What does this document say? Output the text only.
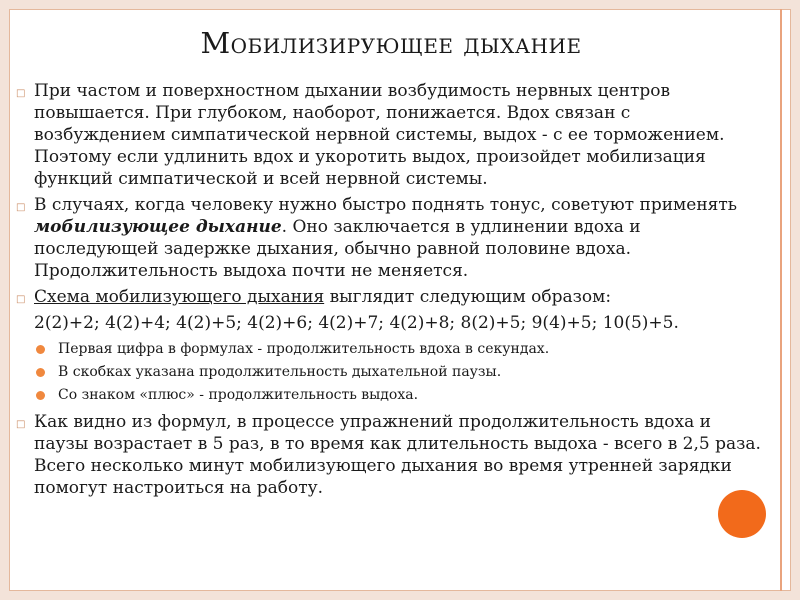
Мобилизирующее дыхание
□ При частом и поверхностном дыхании возбудимость нервных центров повышается. При глубоком, наоборот, понижается. Вдох связан с возбуждением симпатической нервной системы, выдох - с ее торможением. Поэтому если удлинить вдох и укоротить выдох, произойдет мобилизация функций симпатической и всей нервной системы.
□ В случаях, когда человеку нужно быстро поднять тонус, советуют применять мобилизующее дыхание. Оно заключается в удлинении вдоха и последующей задержке дыхания, обычно равной половине вдоха. Продолжительность выдоха почти не меняется.
□ Схема мобилизующего дыхания выглядит следующим образом:
2(2)+2; 4(2)+4; 4(2)+5; 4(2)+6; 4(2)+7; 4(2)+8; 8(2)+5; 9(4)+5; 10(5)+5.
Первая цифра в формулах - продолжительность вдоха в секундах.
В скобках указана продолжительность дыхательной паузы.
Со знаком «плюс» - продолжительность выдоха.
□ Как видно из формул, в процессе упражнений продолжительность вдоха и паузы возрастает в 5 раз, в то время как длительность выдоха - всего в 2,5 раза. Всего несколько минут мобилизующего дыхания во время утренней зарядки помогут настроиться на работу.
